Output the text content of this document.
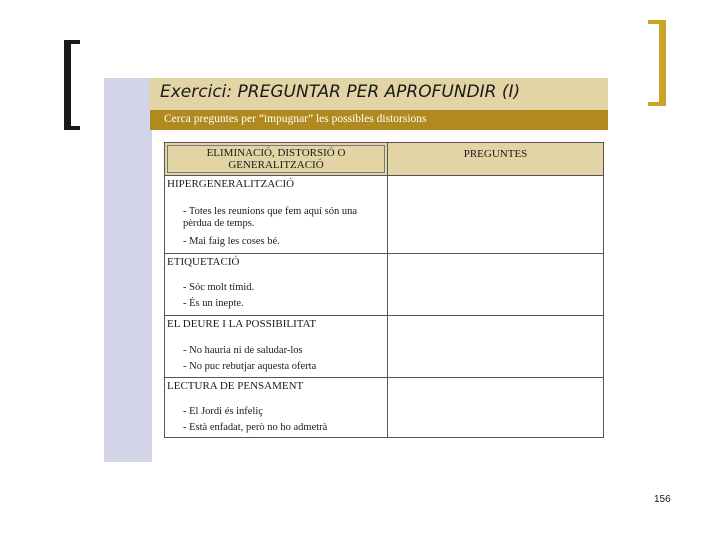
Exercici: PREGUNTAR PER APROFUNDIR (I)
Cerca preguntes per “impugnar” les possibles distorsions
ELIMINACIÓ, DISTORSIÓ O GENERALITZACIÓ
PREGUNTES
HIPERGENERALITZACIÓ
- Totes les reunions que fem aquí són una pèrdua de temps.
- Mai faig les coses bé.
ETIQUETACIÓ
- Sóc molt tímid.
- És un inepte.
EL DEURE I LA POSSIBILITAT
- No hauria ni de saludar-los
- No puc rebutjar aquesta oferta
LECTURA DE PENSAMENT
- El Jordi és infeliç
- Està enfadat, però no ho admetrà
156
